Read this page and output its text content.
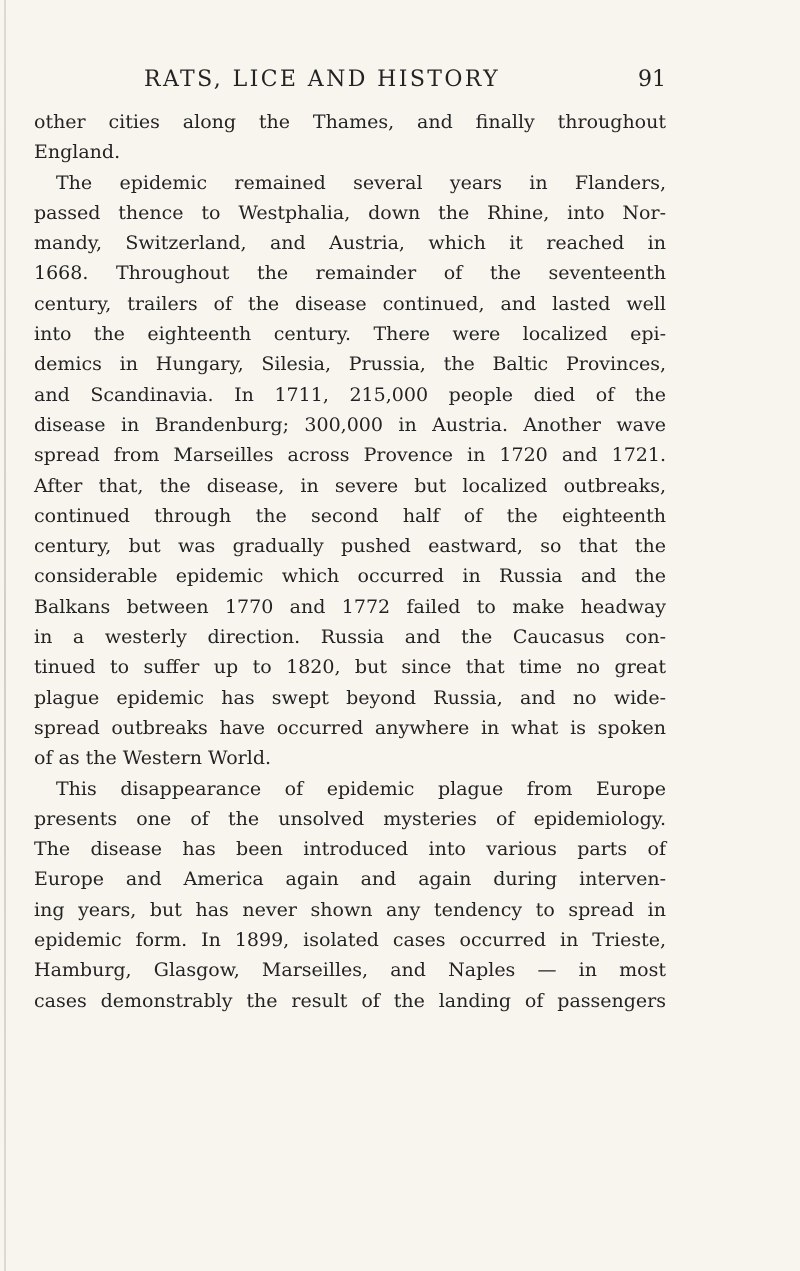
RATS, LICE AND HISTORY	91
other cities along the Thames, and finally throughout
England.
The epidemic remained several years in Flanders,
passed thence to Westphalia, down the Rhine, into Nor-
mandy, Switzerland, and Austria, which it reached in
1668. Throughout the remainder of the seventeenth
century, trailers of the disease continued, and lasted well
into the eighteenth century. There were localized epi-
demics in Hungary, Silesia, Prussia, the Baltic Provinces,
and Scandinavia. In 1711, 215,000 people died of the
disease in Brandenburg; 300,000 in Austria. Another wave
spread from Marseilles across Provence in 1720 and 1721.
After that, the disease, in severe but localized outbreaks,
continued through the second half of the eighteenth
century, but was gradually pushed eastward, so that the
considerable epidemic which occurred in Russia and the
Balkans between 1770 and 1772 failed to make headway
in a westerly direction. Russia and the Caucasus con-
tinued to suffer up to 1820, but since that time no great
plague epidemic has swept beyond Russia, and no wide-
spread outbreaks have occurred anywhere in what is spoken
of as the Western World.
This disappearance of epidemic plague from Europe
presents one of the unsolved mysteries of epidemiology.
The disease has been introduced into various parts of
Europe and America again and again during interven-
ing years, but has never shown any tendency to spread in
epidemic form. In 1899, isolated cases occurred in Trieste,
Hamburg, Glasgow, Marseilles, and Naples — in most
cases demonstrably the result of the landing of passengers
